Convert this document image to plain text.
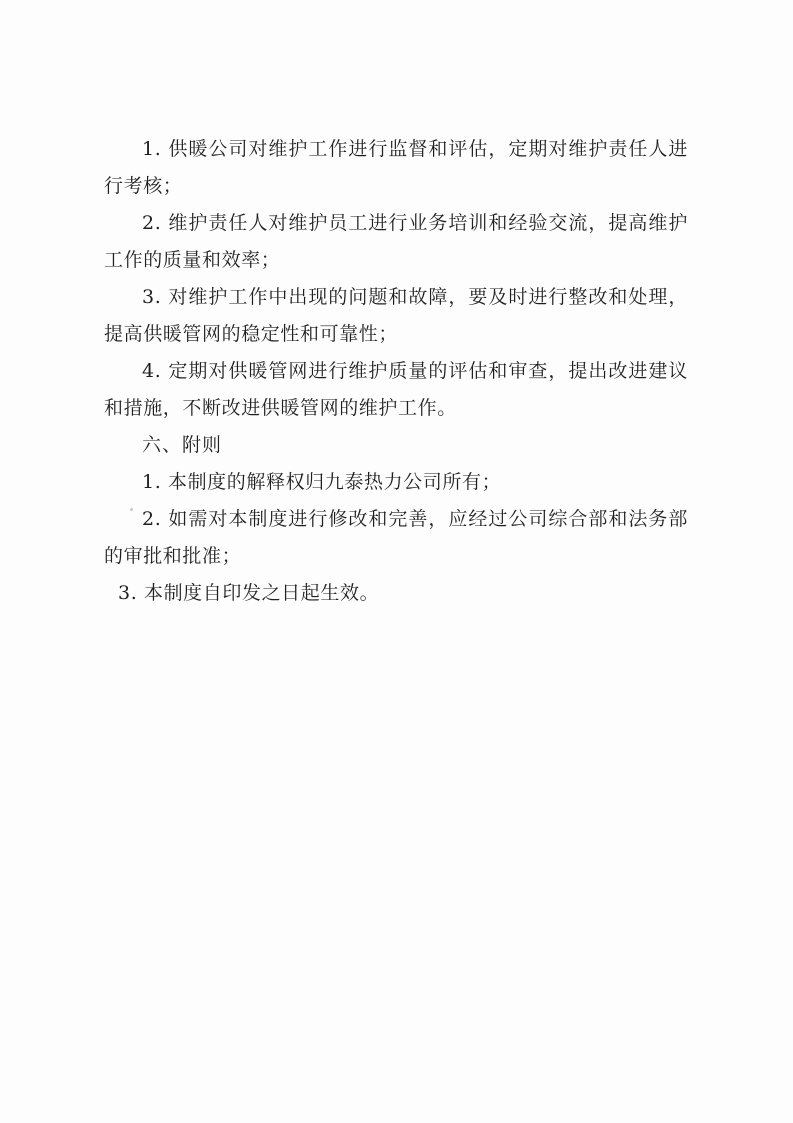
1. 供暖公司对维护工作进行监督和评估，定期对维护责任人进行考核；

2. 维护责任人对维护员工进行业务培训和经验交流，提高维护工作的质量和效率；

3. 对维护工作中出现的问题和故障，要及时进行整改和处理，提高供暖管网的稳定性和可靠性；

4. 定期对供暖管网进行维护质量的评估和审查，提出改进建议和措施，不断改进供暖管网的维护工作。

六、附则

1. 本制度的解释权归九泰热力公司所有；

2. 如需对本制度进行修改和完善，应经过公司综合部和法务部的审批和批准；

3. 本制度自印发之日起生效。
